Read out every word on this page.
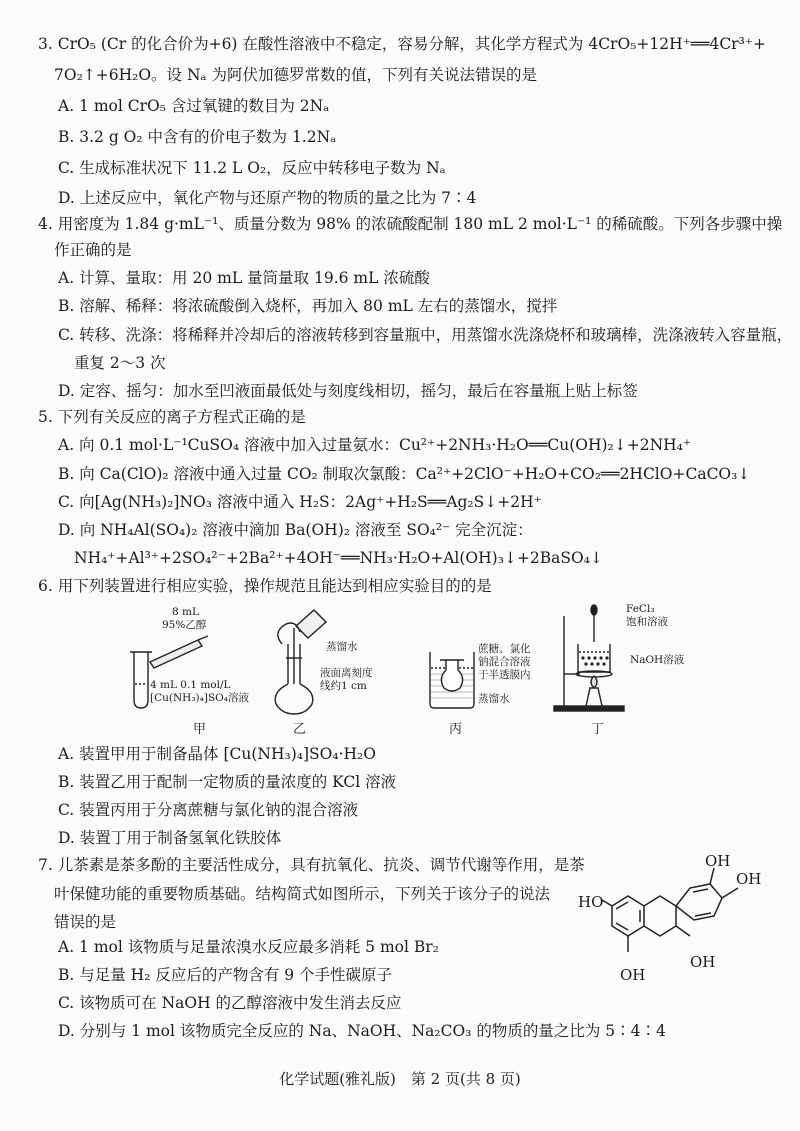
3. CrO₅ (Cr 的化合价为+6) 在酸性溶液中不稳定，容易分解，其化学方程式为 4CrO₅+12H⁺══4Cr³⁺+
7O₂↑+6H₂O。设 Nₐ 为阿伏加德罗常数的值，下列有关说法错误的是
A. 1 mol CrO₅ 含过氧键的数目为 2Nₐ
B. 3.2 g O₂ 中含有的价电子数为 1.2Nₐ
C. 生成标准状况下 11.2 L O₂，反应中转移电子数为 Nₐ
D. 上述反应中，氧化产物与还原产物的物质的量之比为 7∶4
4. 用密度为 1.84 g·mL⁻¹、质量分数为 98% 的浓硫酸配制 180 mL 2 mol·L⁻¹ 的稀硫酸。下列各步骤中操
作正确的是
A. 计算、量取：用 20 mL 量筒量取 19.6 mL 浓硫酸
B. 溶解、稀释：将浓硫酸倒入烧杯，再加入 80 mL 左右的蒸馏水，搅拌
C. 转移、洗涤：将稀释并冷却后的溶液转移到容量瓶中，用蒸馏水洗涤烧杯和玻璃棒，洗涤液转入容量瓶，
重复 2～3 次
D. 定容、摇匀：加水至凹液面最低处与刻度线相切，摇匀，最后在容量瓶上贴上标签
5. 下列有关反应的离子方程式正确的是
A. 向 0.1 mol·L⁻¹CuSO₄ 溶液中加入过量氨水：Cu²⁺+2NH₃·H₂O══Cu(OH)₂↓+2NH₄⁺
B. 向 Ca(ClO)₂ 溶液中通入过量 CO₂ 制取次氯酸：Ca²⁺+2ClO⁻+H₂O+CO₂══2HClO+CaCO₃↓
C. 向[Ag(NH₃)₂]NO₃ 溶液中通入 H₂S：2Ag⁺+H₂S══Ag₂S↓+2H⁺
D. 向 NH₄Al(SO₄)₂ 溶液中滴加 Ba(OH)₂ 溶液至 SO₄²⁻ 完全沉淀：
NH₄⁺+Al³⁺+2SO₄²⁻+2Ba²⁺+4OH⁻══NH₃·H₂O+Al(OH)₃↓+2BaSO₄↓
6. 用下列装置进行相应实验，操作规范且能达到相应实验目的的是
8 mL
95%乙醇
4 mL 0.1 mol/L
[Cu(NH₃)₄]SO₄溶液
甲
蒸馏水
液面离刻度
线约1 cm
乙
蔗糖、氯化
钠混合溶液
于半透膜内
蒸馏水
丙
FeCl₃
饱和溶液
NaOH溶液
丁
A. 装置甲用于制备晶体 [Cu(NH₃)₄]SO₄·H₂O
B. 装置乙用于配制一定物质的量浓度的 KCl 溶液
C. 装置丙用于分离蔗糖与氯化钠的混合溶液
D. 装置丁用于制备氢氧化铁胶体
7. 儿茶素是茶多酚的主要活性成分，具有抗氧化、抗炎、调节代谢等作用，是茶
叶保健功能的重要物质基础。结构简式如图所示，下列关于该分子的说法
错误的是
OH
OH
HO
OH
OH
A. 1 mol 该物质与足量浓溴水反应最多消耗 5 mol Br₂
B. 与足量 H₂ 反应后的产物含有 9 个手性碳原子
C. 该物质可在 NaOH 的乙醇溶液中发生消去反应
D. 分别与 1 mol 该物质完全反应的 Na、NaOH、Na₂CO₃ 的物质的量之比为 5∶4∶4
化学试题(雅礼版)　第 2 页(共 8 页)
